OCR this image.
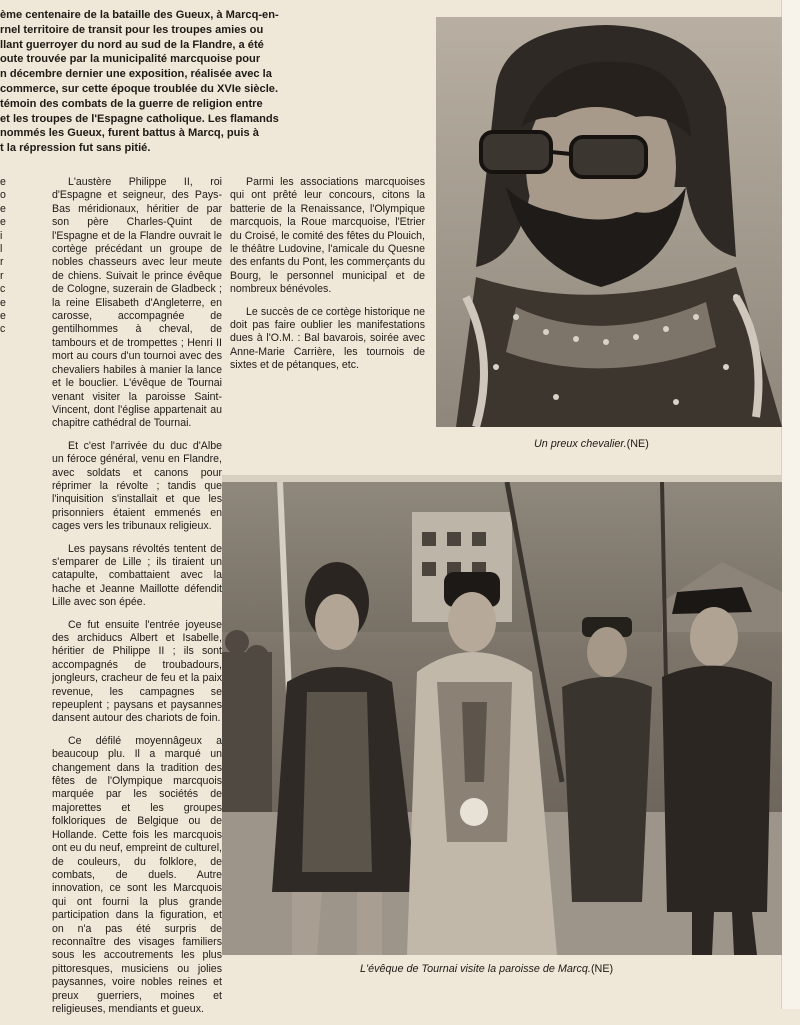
ème centenaire de la bataille des Gueux, à Marcq-en-
rnel territoire de transit pour les troupes amies ou
llant guerroyer du nord au sud de la Flandre, a été
oute trouvée par la municipalité marcquoise pour
n décembre dernier une exposition, réalisée avec la
commerce, sur cette époque troublée du XVIe siècle.
témoin des combats de la guerre de religion entre
et les troupes de l'Espagne catholique. Les flamands
nommés les Gueux, furent battus à Marcq, puis à
t la répression fut sans pitié.
e
o
e
e
i
l
r
r
c
e
e
c

L'austère Philippe II, roi d'Espagne et seigneur, des Pays-Bas méridionaux, héritier de par son père Charles-Quint de l'Espagne et de la Flandre ouvrait le cortège précédant un groupe de nobles chasseurs avec leur meute de chiens. Suivait le prince évêque de Cologne, suzerain de Gladbeck ; la reine Elisabeth d'Angleterre, en carosse, accompagnée de gentilhommes à cheval, de tambours et de trompettes ; Henri II mort au cours d'un tournoi avec des chevaliers habiles à manier la lance et le bouclier. L'évêque de Tournai venant visiter la paroisse Saint-Vincent, dont l'église appartenait au chapitre cathédral de Tournai.

Et c'est l'arrivée du duc d'Albe un féroce général, venu en Flandre, avec soldats et canons pour réprimer la révolte ; tandis que l'inquisition s'installait et que les prisonniers étaient emmenés en cages vers les tribunaux religieux.

Les paysans révoltés tentent de s'emparer de Lille ; ils tiraient un catapulte, combattaient avec la hache et Jeanne Maillotte défendit Lille avec son épée.

Ce fut ensuite l'entrée joyeuse des archiducs Albert et Isabelle, héritier de Philippe II ; ils sont accompagnés de troubadours, jongleurs, cracheur de feu et la paix revenue, les campagnes se repeuplent ; paysans et paysannes dansent autour des chariots de foin.

Ce défilé moyennâgeux a beaucoup plu. Il a marqué un changement dans la tradition des fêtes de l'Olympique marcquois marquée par les sociétés de majorettes et les groupes folkloriques de Belgique ou de Hollande. Cette fois les marcquois ont eu du neuf, empreint de culturel, de couleurs, du folklore, de combats, de duels. Autre innovation, ce sont les Marcquois qui ont fourni la plus grande participation dans la figuration, et on n'a pas été surpris de reconnaître des visages familiers sous les accoutrements les plus pittoresques, musiciens ou jolies paysannes, voire nobles reines et preux guerriers, moines et religieuses, mendiants et gueux.

Parmi les associations marcquoises qui ont prêté leur concours, citons la batterie de la Renaissance, l'Olympique marcquois, la Roue marcquoise, l'Etrier du Croisé, le comité des fêtes du Plouich, le théâtre Ludovine, l'amicale du Quesne des enfants du Pont, les commerçants du Bourg, le personnel municipal et de nombreux bénévoles.

Le succès de ce cortège historique ne doit pas faire oublier les manifestations dues à l'O.M. : Bal bavarois, soirée avec Anne-Marie Carrière, les tournois de sixtes et de pétanques, etc.

Un preux chevalier.(NE)
L'évêque de Tournai visite la paroisse de Marcq.(NE)
